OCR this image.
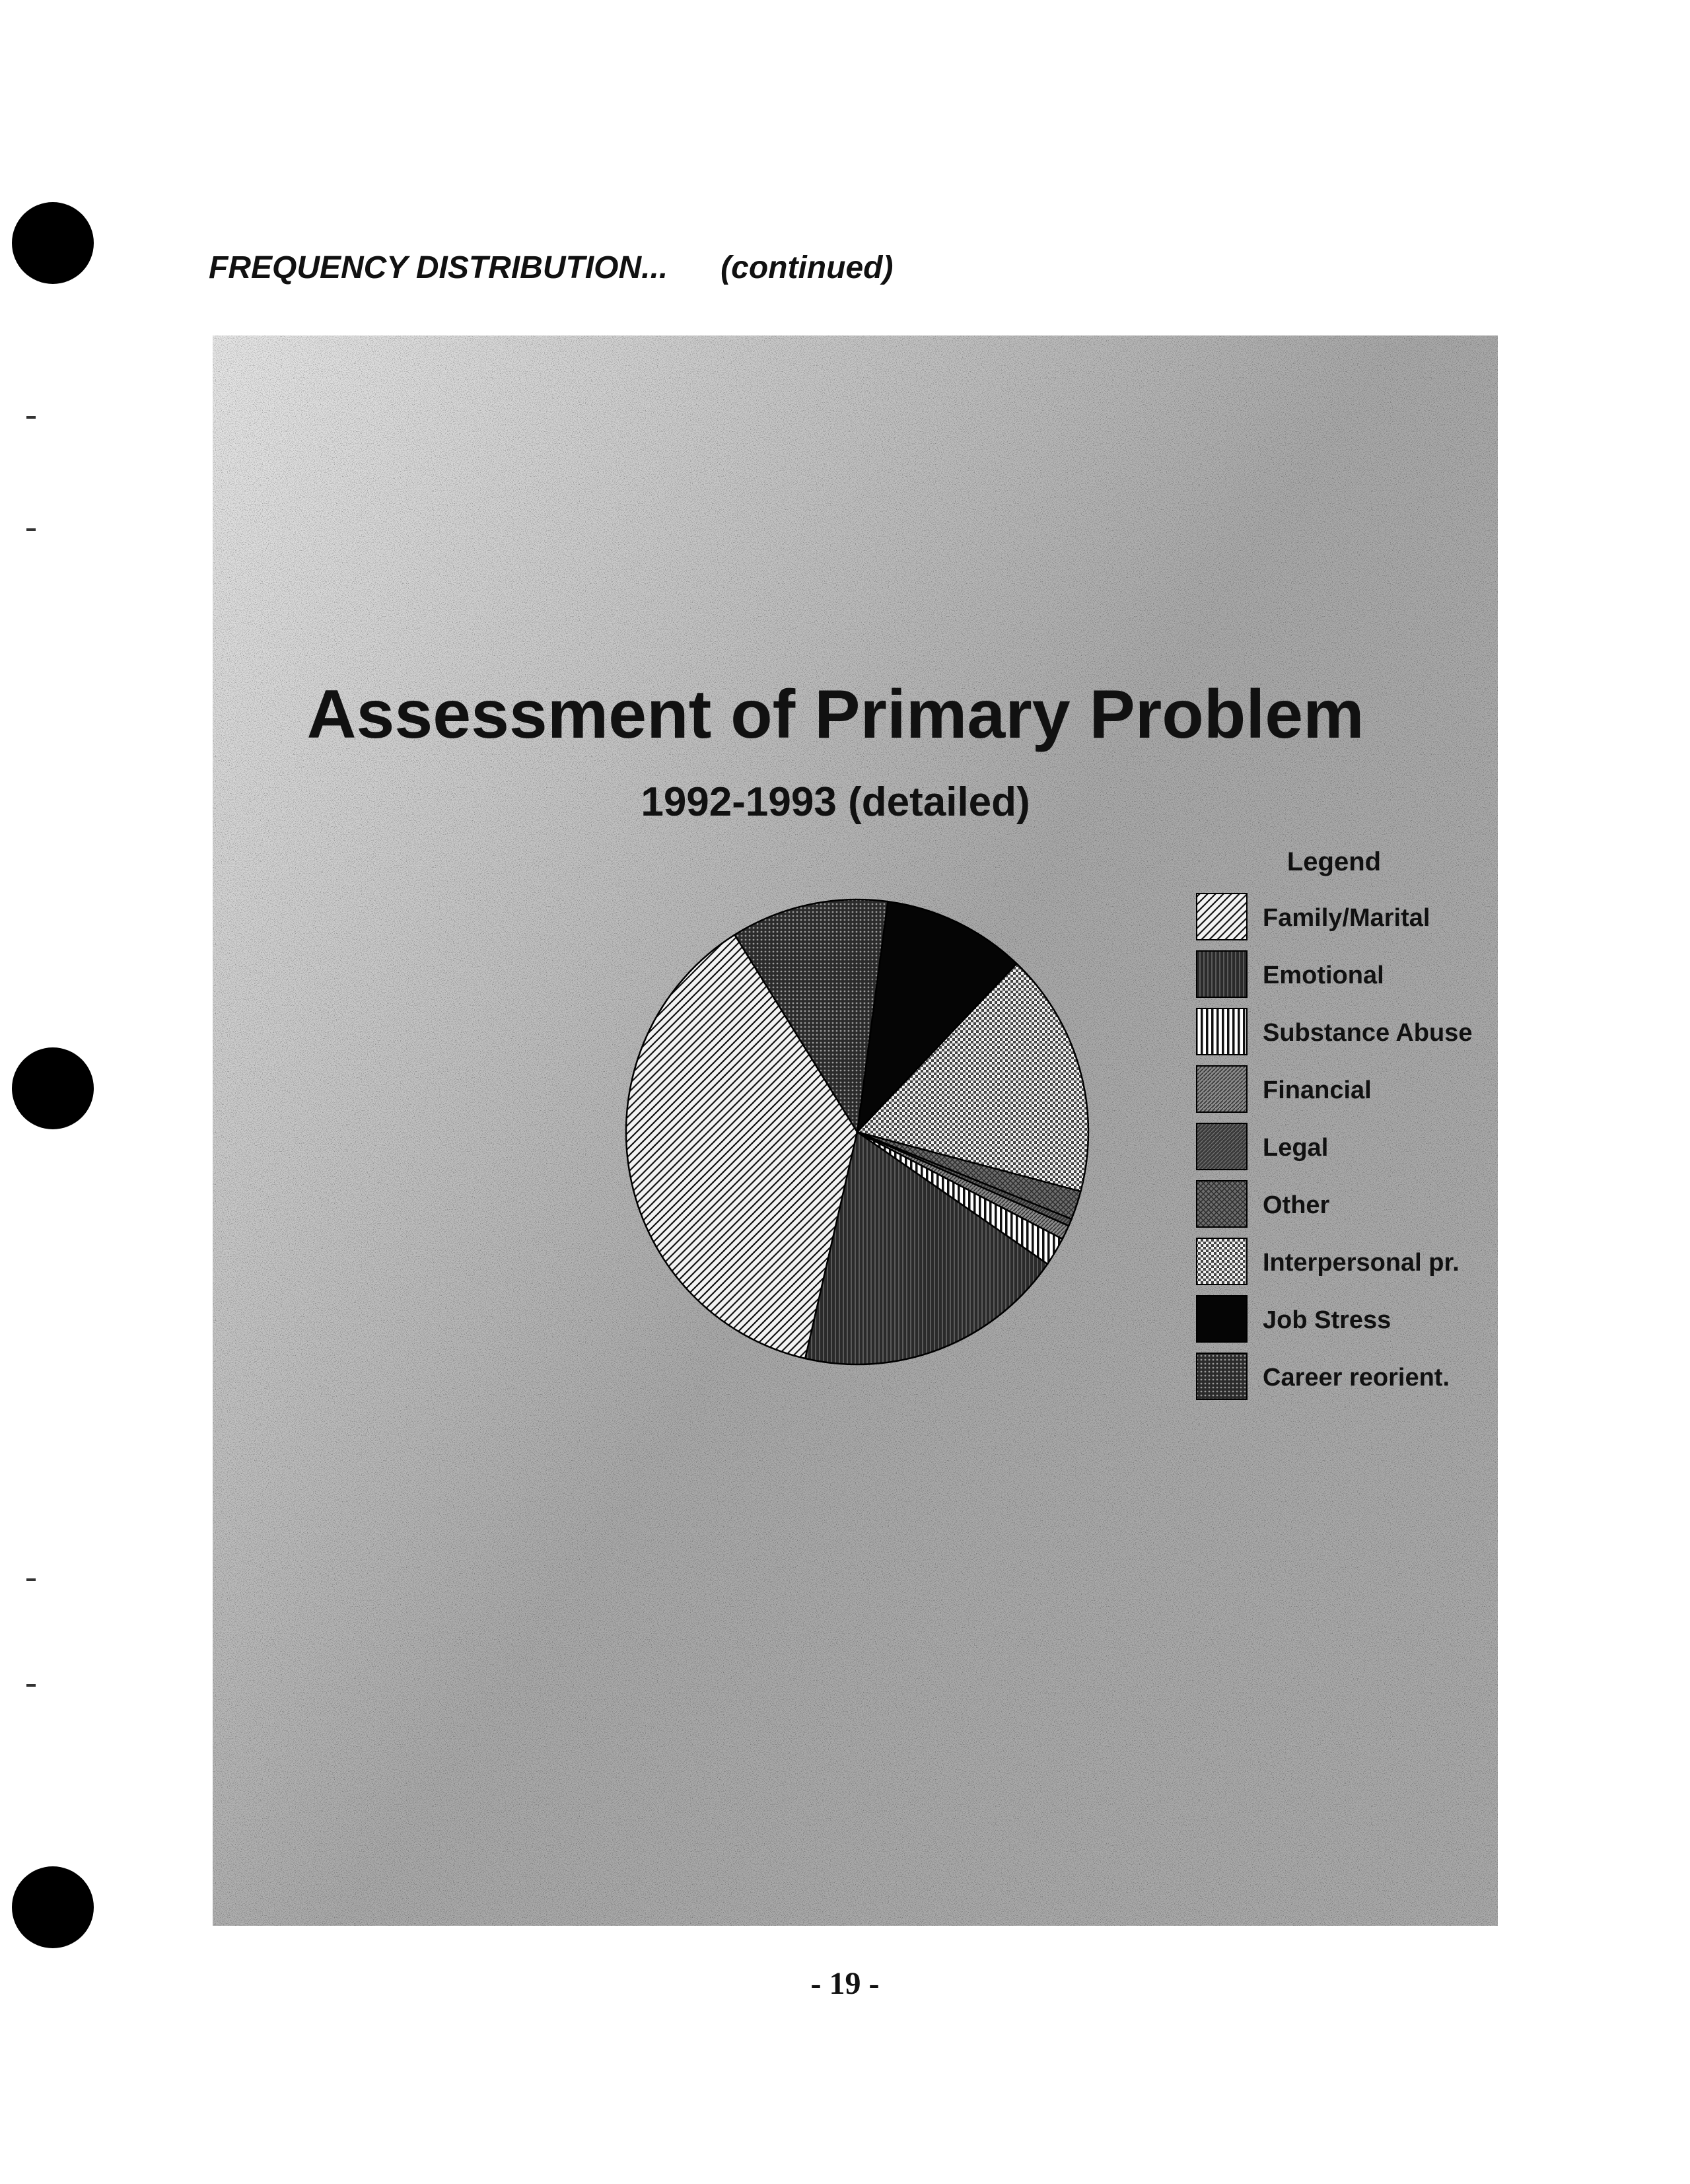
FREQUENCY DISTRIBUTION... (continued)
Assessment of Primary Problem
1992-1993 (detailed)
Legend
Family/Marital
Emotional
Substance Abuse
Financial
Legal
Other
Interpersonal pr.
Job Stress
Career reorient.
- 19 -
